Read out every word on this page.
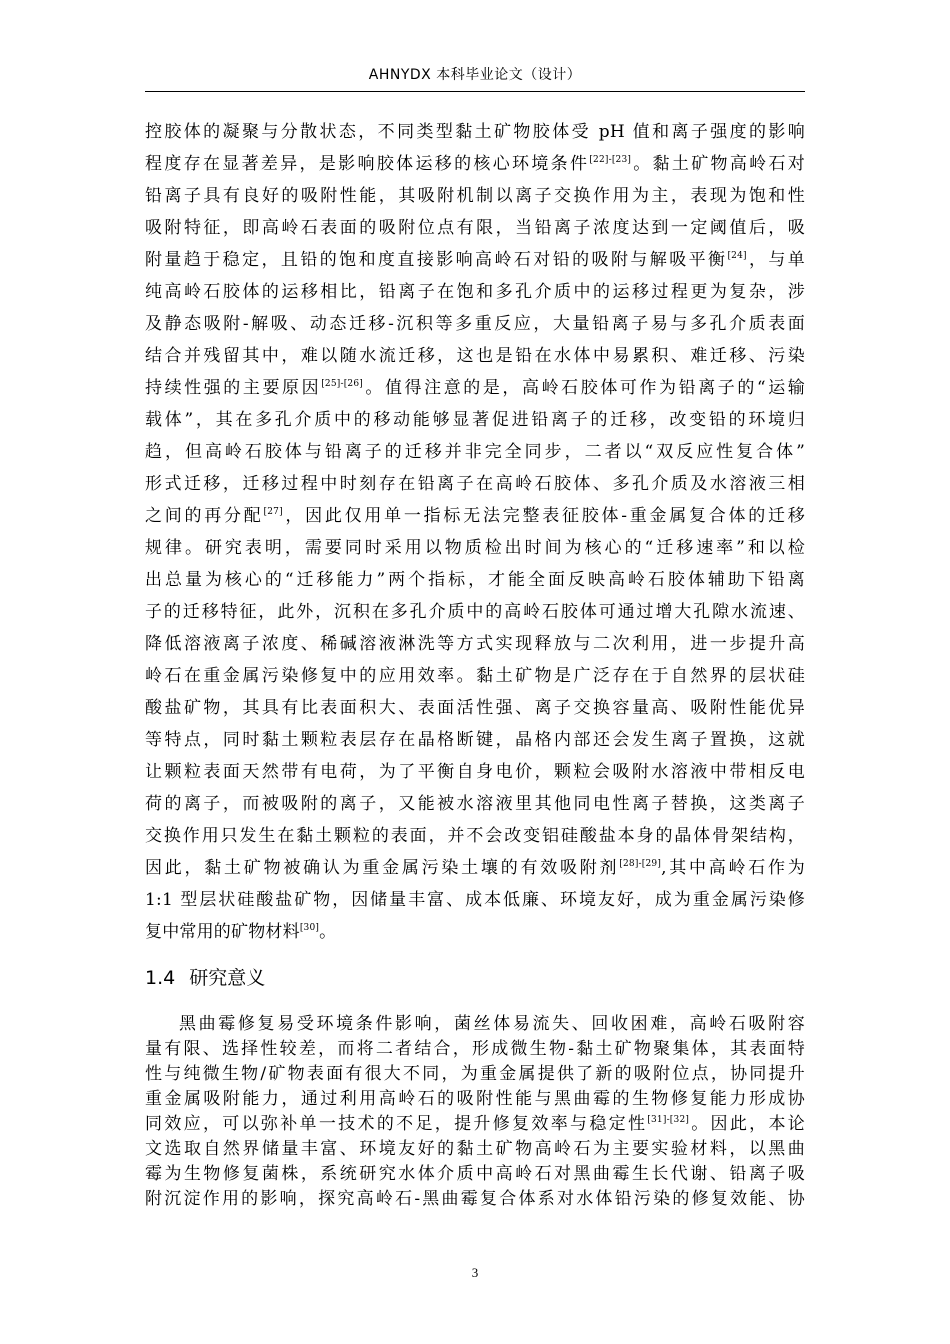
AHNYDX 本科毕业论文（设计）
控胶体的凝聚与分散状态，不同类型黏土矿物胶体受 pH 值和离子强度的影响
程度存在显著差异，是影响胶体运移的核心环境条件[22]-[23]。黏土矿物高岭石对
铅离子具有良好的吸附性能，其吸附机制以离子交换作用为主，表现为饱和性
吸附特征，即高岭石表面的吸附位点有限，当铅离子浓度达到一定阈值后，吸
附量趋于稳定，且铅的饱和度直接影响高岭石对铅的吸附与解吸平衡[24]，与单
纯高岭石胶体的运移相比，铅离子在饱和多孔介质中的运移过程更为复杂，涉
及静态吸附-解吸、动态迁移-沉积等多重反应，大量铅离子易与多孔介质表面
结合并残留其中，难以随水流迁移，这也是铅在水体中易累积、难迁移、污染
持续性强的主要原因[25]-[26]。值得注意的是，高岭石胶体可作为铅离子的“运输
载体”，其在多孔介质中的移动能够显著促进铅离子的迁移，改变铅的环境归
趋，但高岭石胶体与铅离子的迁移并非完全同步，二者以“双反应性复合体”
形式迁移，迁移过程中时刻存在铅离子在高岭石胶体、多孔介质及水溶液三相
之间的再分配[27]，因此仅用单一指标无法完整表征胶体-重金属复合体的迁移
规律。研究表明，需要同时采用以物质检出时间为核心的“迁移速率”和以检
出总量为核心的“迁移能力”两个指标，才能全面反映高岭石胶体辅助下铅离
子的迁移特征，此外，沉积在多孔介质中的高岭石胶体可通过增大孔隙水流速、
降低溶液离子浓度、稀碱溶液淋洗等方式实现释放与二次利用，进一步提升高
岭石在重金属污染修复中的应用效率。黏土矿物是广泛存在于自然界的层状硅
酸盐矿物，其具有比表面积大、表面活性强、离子交换容量高、吸附性能优异
等特点，同时黏土颗粒表层存在晶格断键，晶格内部还会发生离子置换，这就
让颗粒表面天然带有电荷，为了平衡自身电价，颗粒会吸附水溶液中带相反电
荷的离子，而被吸附的离子，又能被水溶液里其他同电性离子替换，这类离子
交换作用只发生在黏土颗粒的表面，并不会改变铝硅酸盐本身的晶体骨架结构，
因此，黏土矿物被确认为重金属污染土壤的有效吸附剂[28]-[29],其中高岭石作为
1:1 型层状硅酸盐矿物，因储量丰富、成本低廉、环境友好，成为重金属污染修
复中常用的矿物材料[30]。
1.4 研究意义
黑曲霉修复易受环境条件影响，菌丝体易流失、回收困难，高岭石吸附容
量有限、选择性较差，而将二者结合，形成微生物-黏土矿物聚集体，其表面特
性与纯微生物/矿物表面有很大不同，为重金属提供了新的吸附位点，协同提升
重金属吸附能力，通过利用高岭石的吸附性能与黑曲霉的生物修复能力形成协
同效应，可以弥补单一技术的不足，提升修复效率与稳定性[31]-[32]。因此，本论
文选取自然界储量丰富、环境友好的黏土矿物高岭石为主要实验材料，以黑曲
霉为生物修复菌株，系统研究水体介质中高岭石对黑曲霉生长代谢、铅离子吸
附沉淀作用的影响，探究高岭石-黑曲霉复合体系对水体铅污染的修复效能、协
3
